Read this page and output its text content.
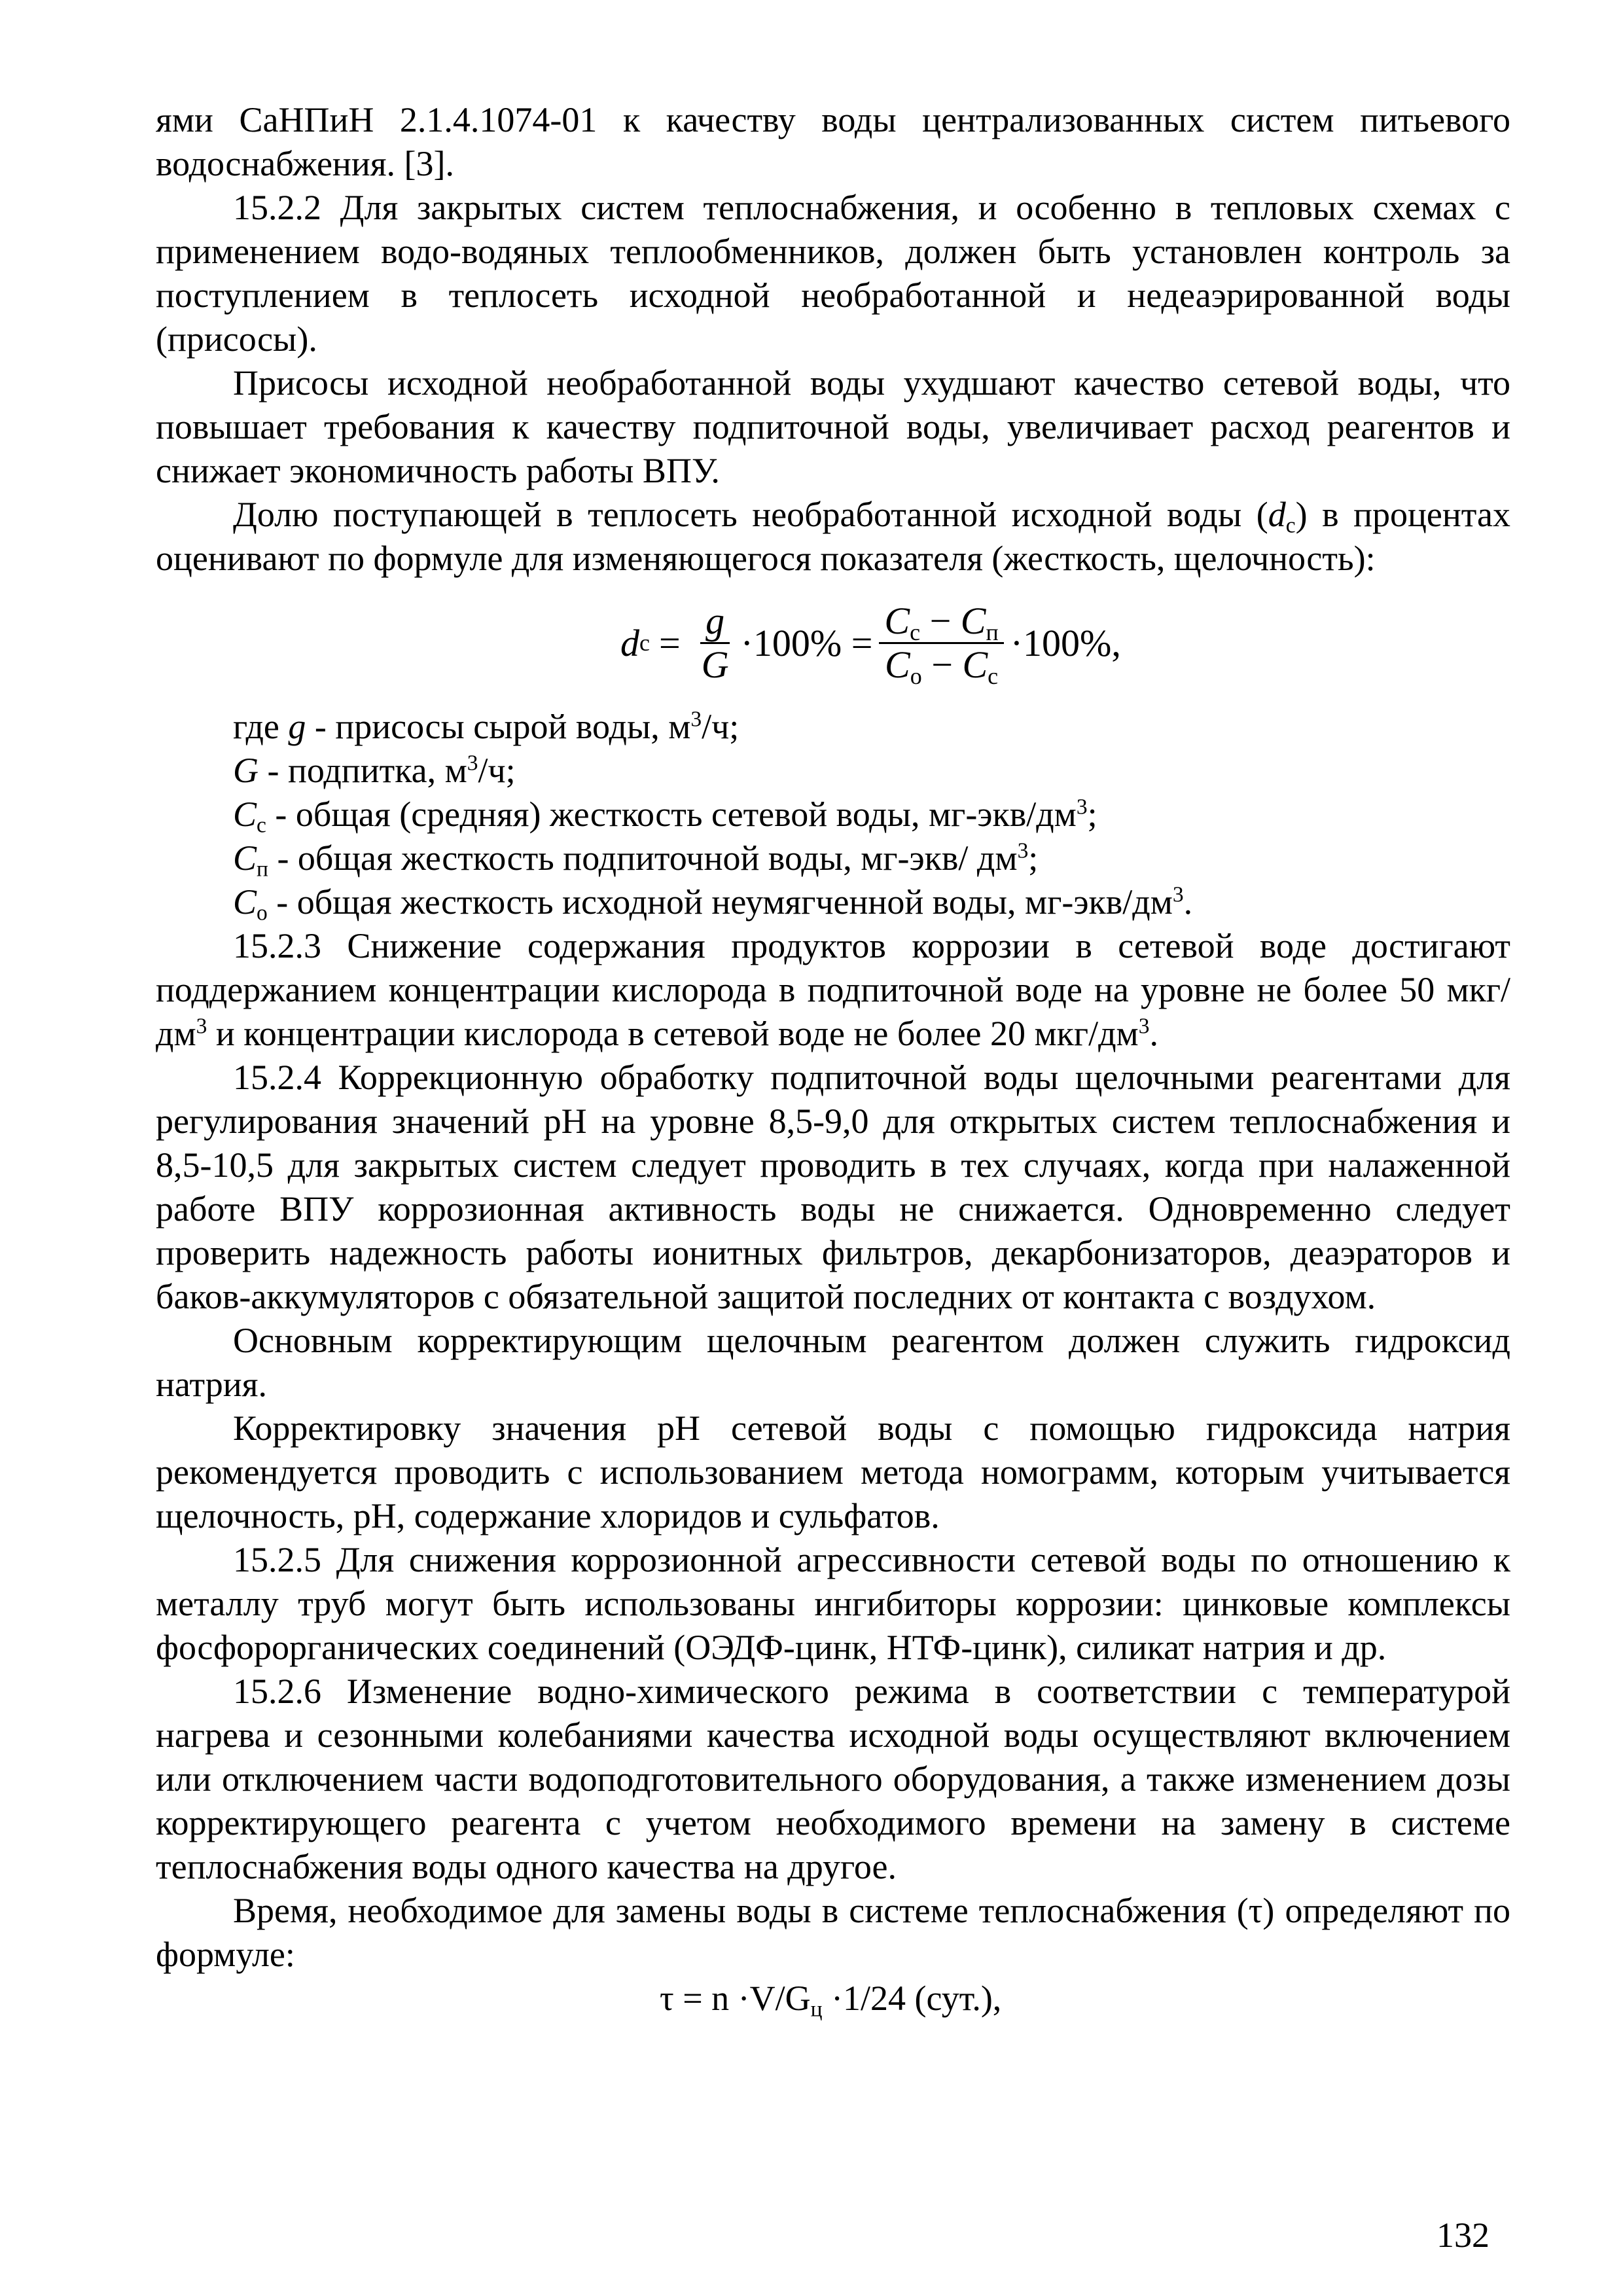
ями СаНПиН 2.1.4.1074-01 к качеству воды централизованных систем питьевого водоснабжения. [3].

15.2.2 Для закрытых систем теплоснабжения, и особенно в тепловых схемах с применением водо-водяных теплообменников, должен быть установлен контроль за поступлением в теплосеть исходной необработанной и недеаэрированной воды (присосы).

Присосы исходной необработанной воды ухудшают качество сетевой воды, что повышает требования к качеству подпиточной воды, увеличивает расход реагентов и снижает экономичность работы ВПУ.

Долю поступающей в теплосеть необработанной исходной воды $(d_c)$ в процентах оценивают по формуле для изменяющегося показателя (жесткость, щелочность):

d $c = \frac{g}{G} \cdot 100\% = \frac{C_c - C_п}{C_о - C_c} \cdot 100\%$,

где g - присосы сырой воды, $м^3/ч$;

G - подпитка, $м^3/ч$;

$C_c$ - общая (средняя) жесткость сетевой воды, $мг-экв/дм^3$;

$C_п$ - общая жесткость подпиточной воды, мг-экв/ $дм^3$;

$C_о$ - общая жесткость исходной неумягченной воды, $мг-экв/дм^3$.

15.2.3 Снижение содержания продуктов коррозии в сетевой воде достигают поддержанием концентрации кислорода в подпиточной воде на уровне не более 50 мкг/$дм^3$ и концентрации кислорода в сетевой воде не более 20 мкг/$дм^3$.

15.2.4 Коррекционную обработку подпиточной воды щелочными реагентами для регулирования значений рН на уровне 8,5-9,0 для открытых систем теплоснабжения и 8,5-10,5 для закрытых систем следует проводить в тех случаях, когда при налаженной работе ВПУ коррозионная активность воды не снижается. Одновременно следует проверить надежность работы ионитных фильтров, декарбонизаторов, деаэраторов и баков-аккумуляторов с обязательной защитой последних от контакта с воздухом.

Основным корректирующим щелочным реагентом должен служить гидроксид натрия.

Корректировку значения рН сетевой воды с помощью гидроксида натрия рекомендуется проводить с использованием метода номограмм, которым учитывается щелочность, рН, содержание хлоридов и сульфатов.

15.2.5 Для снижения коррозионной агрессивности сетевой воды по отношению к металлу труб могут быть использованы ингибиторы коррозии: цинковые комплексы фосфорорганических соединений (ОЭДФ-цинк, НТФ-цинк), силикат натрия и др.

15.2.6 Изменение водно-химического режима в соответствии с температурой нагрева и сезонными колебаниями качества исходной воды осуществляют включением или отключением части водоподготовительного оборудования, а также изменением дозы корректирующего реагента с учетом необходимого времени на замену в системе теплоснабжения воды одного качества на другое.

Время, необходимое для замены воды в системе теплоснабжения (τ) определяют по формуле:

$\tau = n \cdot V/G_ц \cdot 1/24$ (сут.),

132
